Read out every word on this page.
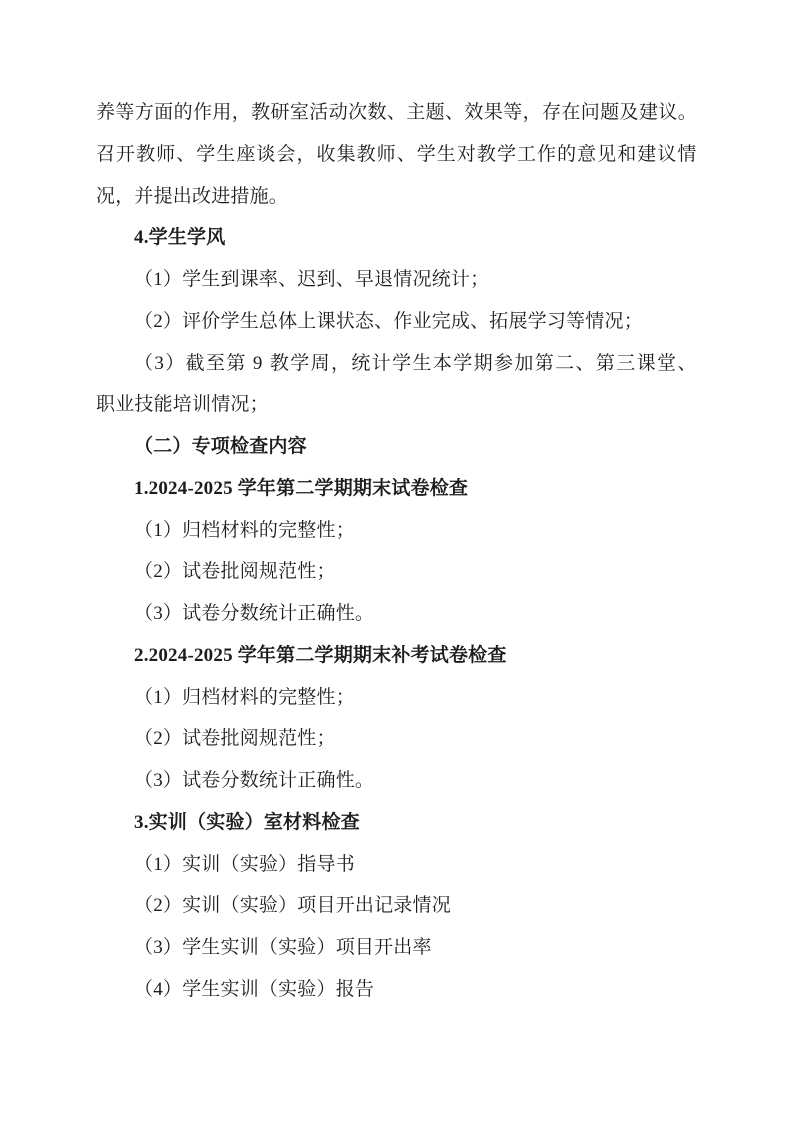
养 等 方 面 的 作 用 ， 教 研 室 活 动 次 数 、 主 题 、 效 果 等 ， 存 在 问 题 及 建 议 。
召 开 教 师 、 学 生 座 谈 会 ， 收 集 教 师 、 学 生 对 教 学 工 作 的 意 见 和 建 议 情
况，并提出改进措施。
4.学生学风
（1）学生到课率、迟到、早退情况统计；
（2）评价学生总体上课状态、作业完成、拓展学习等情况；
（ 3 ） 截 至 第
9
教 学 周 ， 统 计 学 生 本 学 期 参 加 第 二 、 第 三 课 堂 、
职业技能培训情况；
（二）专项检查内容
1.2024-2025 学年第二学期期末试卷检查
（1）归档材料的完整性；
（2）试卷批阅规范性；
（3）试卷分数统计正确性。
2.2024-2025 学年第二学期期末补考试卷检查
（1）归档材料的完整性；
（2）试卷批阅规范性；
（3）试卷分数统计正确性。
3.实训（实验）室材料检查
（1）实训（实验）指导书
（2）实训（实验）项目开出记录情况
（3）学生实训（实验）项目开出率
（4）学生实训（实验）报告
